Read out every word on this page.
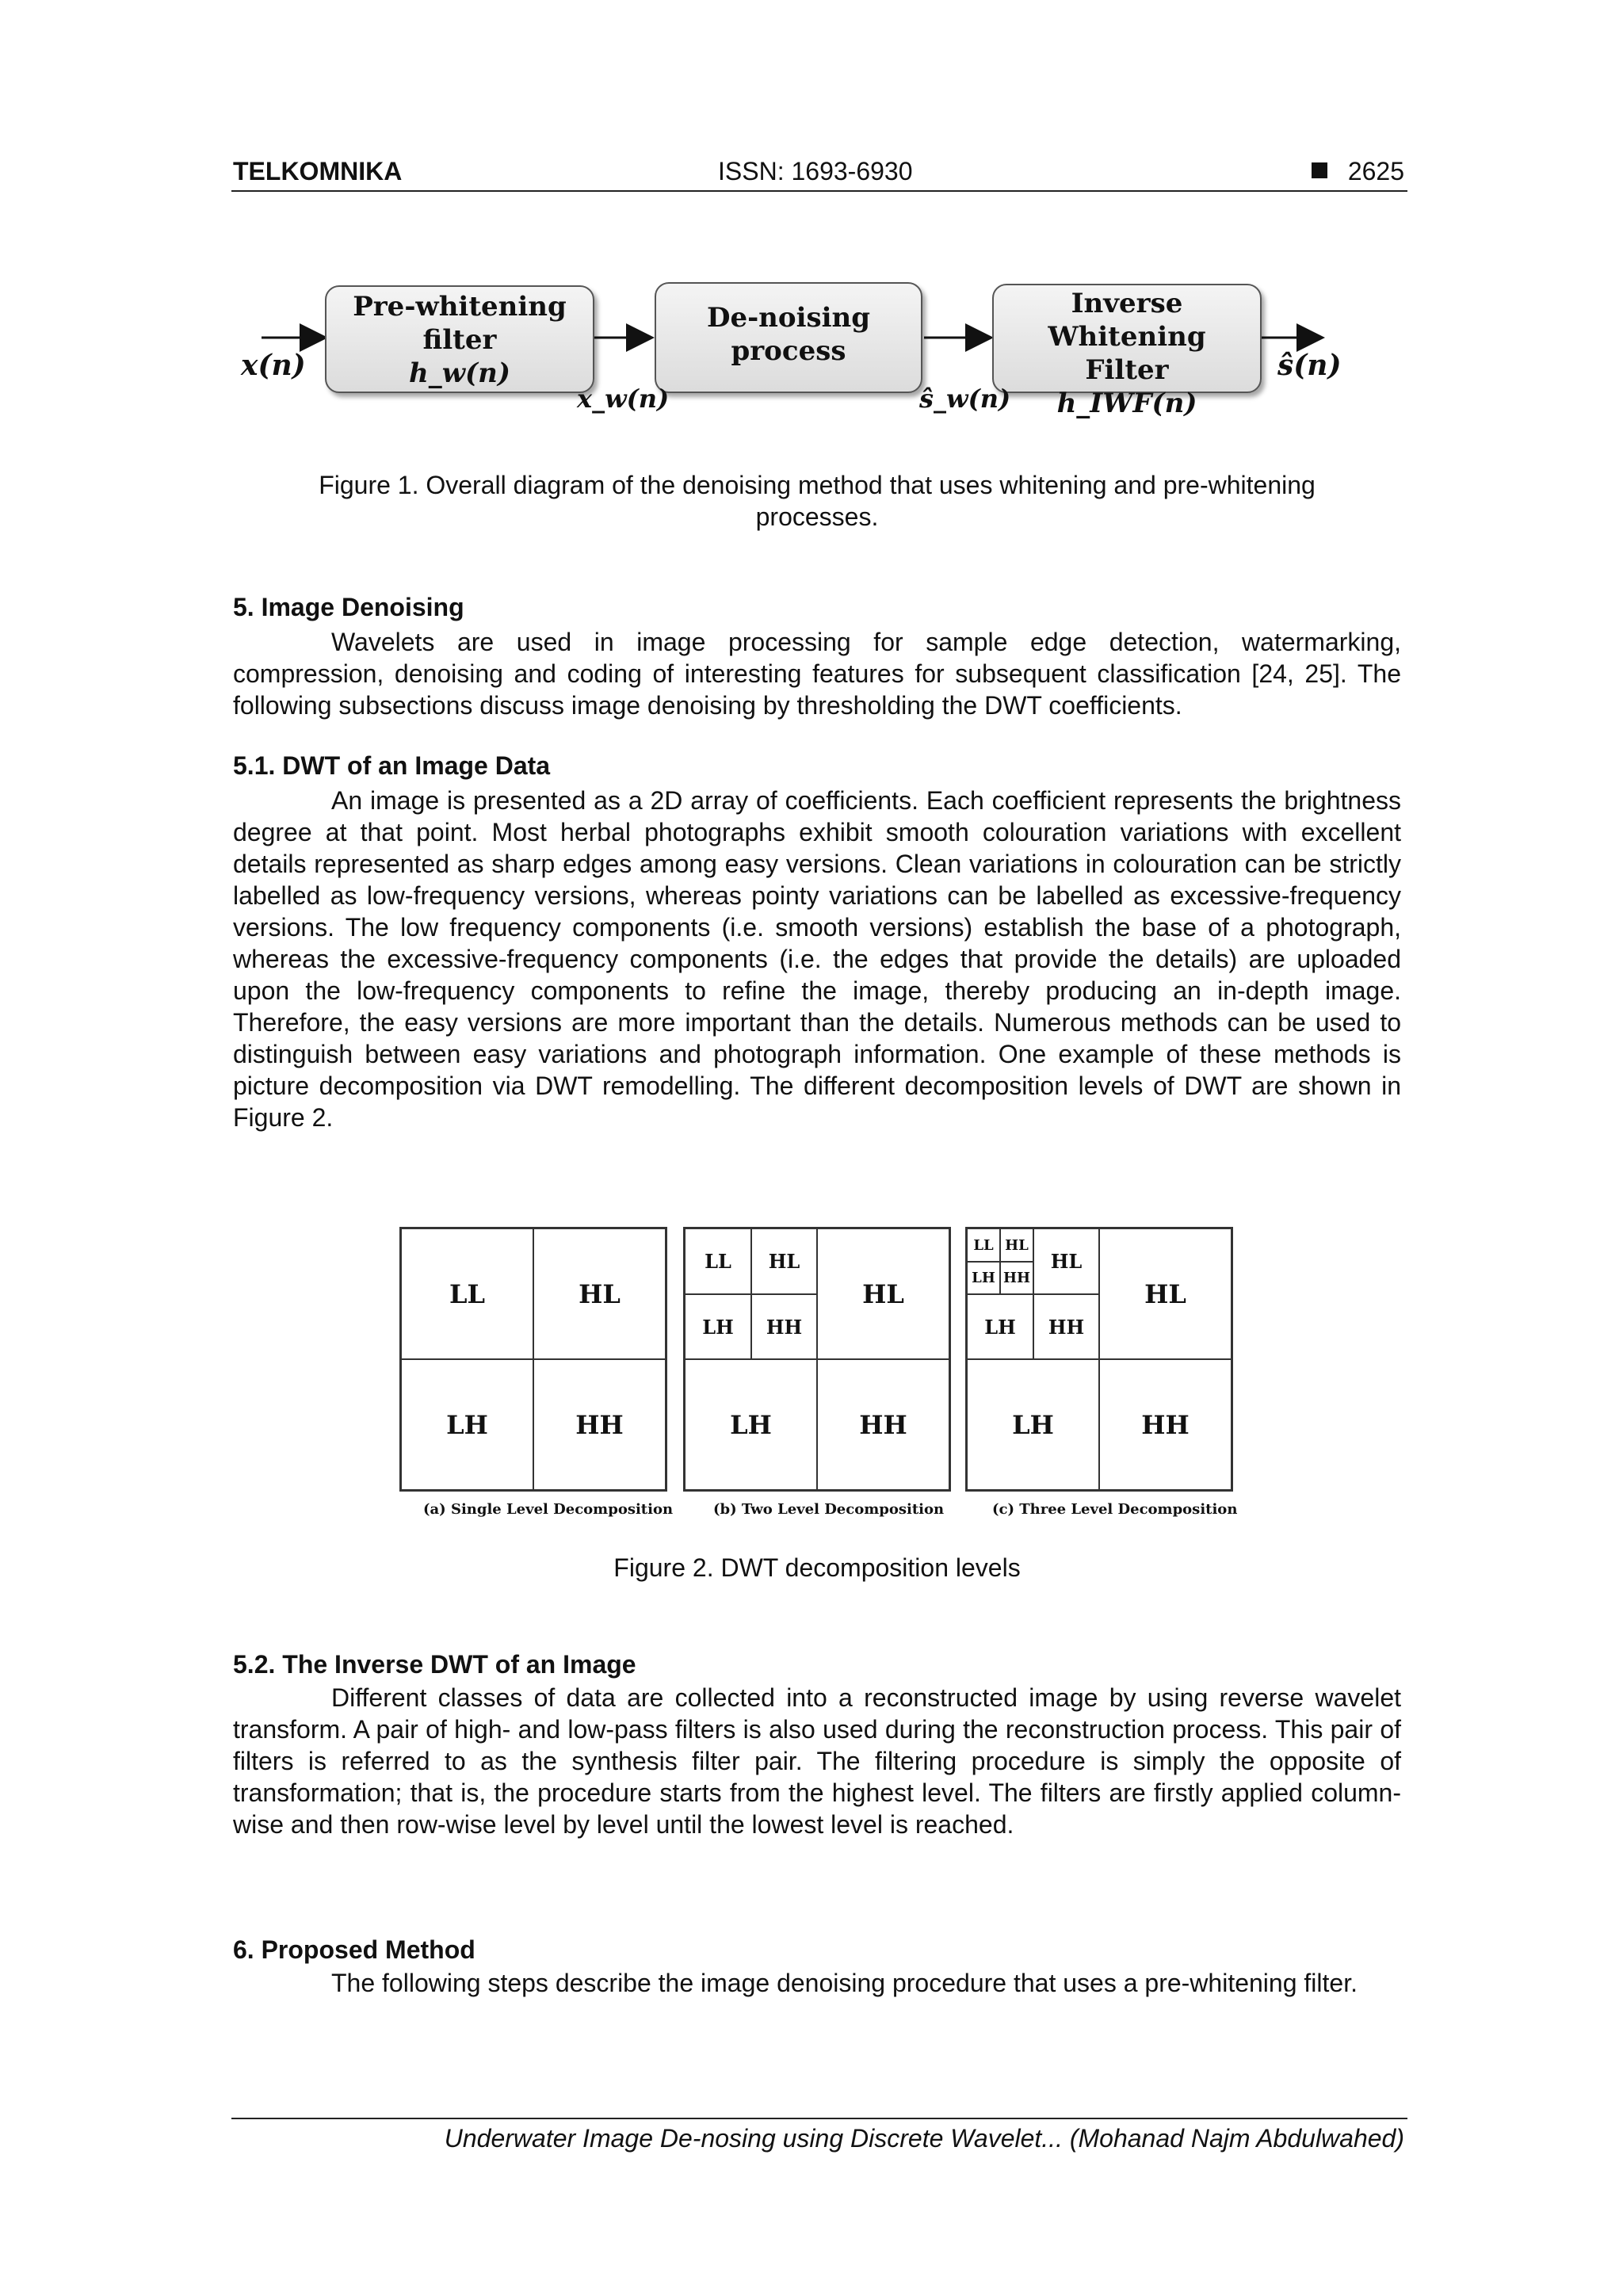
TELKOMNIKA	ISSN: 1693-6930	2625
Pre-whitening
filter
h_w(n)
De-noising
process
Inverse Whitening
Filter
h_IWF(n)
x(n)
x_w(n)	ŝ_w(n)
ŝ(n)
Figure 1. Overall diagram of the denoising method that uses whitening and pre-whitening
processes.
5. Image Denoising
Wavelets are used in image processing for sample edge detection, watermarking, compression, denoising and coding of interesting features for subsequent classification [24, 25]. The following subsections discuss image denoising by thresholding the DWT coefficients.
5.1. DWT of an Image Data
An image is presented as a 2D array of coefficients. Each coefficient represents the brightness degree at that point. Most herbal photographs exhibit smooth colouration variations with excellent details represented as sharp edges among easy versions. Clean variations in colouration can be strictly labelled as low-frequency versions, whereas pointy variations can be labelled as excessive-frequency versions. The low frequency components (i.e. smooth versions) establish the base of a photograph, whereas the excessive-frequency components (i.e. the edges that provide the details) are uploaded upon the low-frequency components to refine the image, thereby producing an in-depth image. Therefore, the easy versions are more important than the details. Numerous methods can be used to distinguish between easy variations and photograph information. One example of these methods is picture decomposition via DWT remodelling. The different decomposition levels of DWT are shown in Figure 2.
LL	HL
LH	HH
LL	HL
LH	HH
HL
LH	HH
LL HL
LH HH
HL
LH	HH
HL
LH	HH
(a) Single Level Decomposition	(b) Two Level Decomposition	(c) Three Level Decomposition
Figure 2. DWT decomposition levels
5.2. The Inverse DWT of an Image
Different classes of data are collected into a reconstructed image by using reverse wavelet transform. A pair of high- and low-pass filters is also used during the reconstruction process. This pair of filters is referred to as the synthesis filter pair. The filtering procedure is simply the opposite of transformation; that is, the procedure starts from the highest level. The filters are firstly applied column-wise and then row-wise level by level until the lowest level is reached.
6. Proposed Method
The following steps describe the image denoising procedure that uses a pre-whitening filter.
Underwater Image De-nosing using Discrete Wavelet... (Mohanad Najm Abdulwahed)
